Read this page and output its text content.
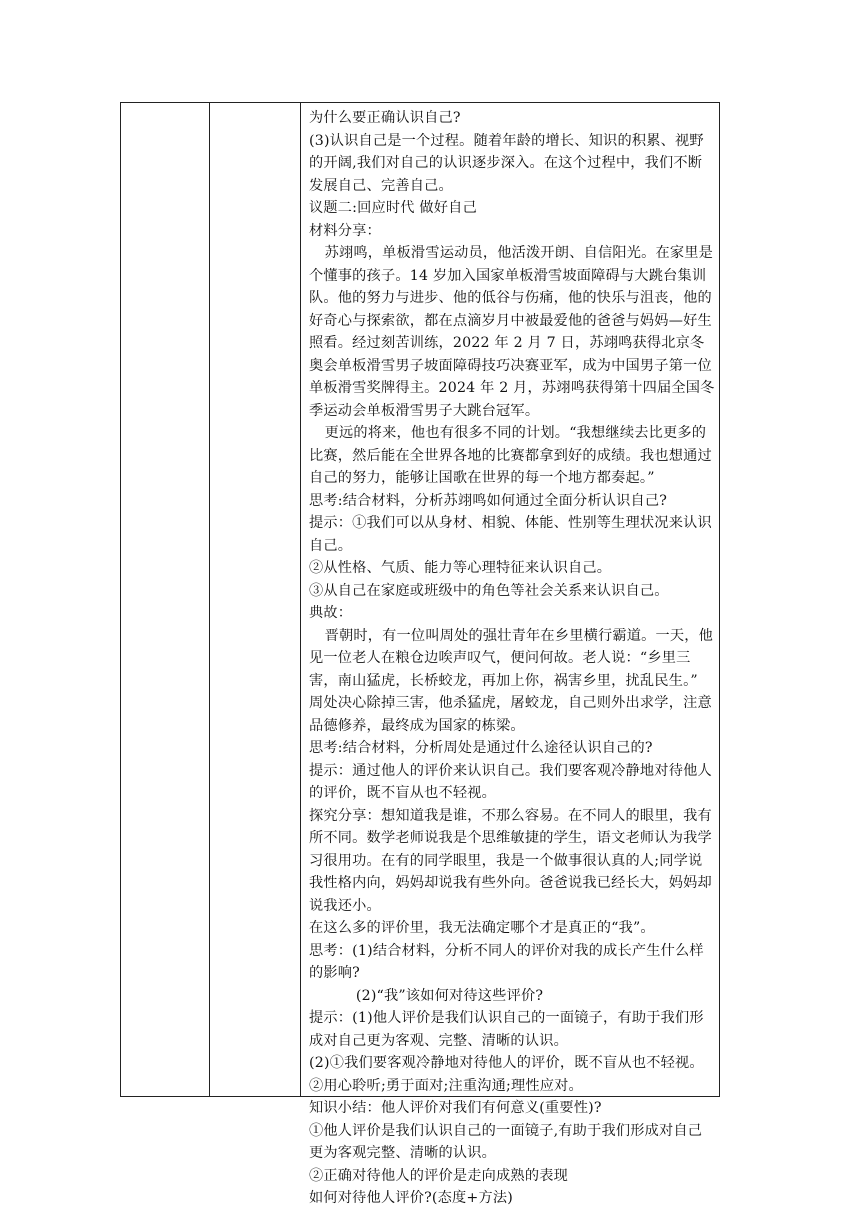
为什么要正确认识自己?

(3)认识自己是一个过程。随着年龄的增长、知识的积累、视野的开阔,我们对自己的认识逐步深入。在这个过程中，我们不断发展自己、完善自己。

议题二:回应时代 做好自己

材料分享：

苏翊鸣，单板滑雪运动员，他活泼开朗、自信阳光。在家里是个懂事的孩子。14 岁加入国家单板滑雪坡面障碍与大跳台集训队。他的努力与进步、他的低谷与伤痛，他的快乐与沮丧，他的好奇心与探索欲，都在点滴岁月中被最爱他的爸爸与妈妈—好生照看。经过刻苦训练，2022 年 2 月 7 日，苏翊鸣获得北京冬奥会单板滑雪男子坡面障碍技巧决赛亚军，成为中国男子第一位单板滑雪奖牌得主。2024 年 2 月，苏翊鸣获得第十四届全国冬季运动会单板滑雪男子大跳台冠军。

更远的将来，他也有很多不同的计划。“我想继续去比更多的比赛，然后能在全世界各地的比赛都拿到好的成绩。我也想通过自己的努力，能够让国歌在世界的每一个地方都奏起。”

思考:结合材料，分析苏翊鸣如何通过全面分析认识自己?

提示：①我们可以从身材、相貌、体能、性别等生理状况来认识自己。

②从性格、气质、能力等心理特征来认识自己。

③从自己在家庭或班级中的角色等社会关系来认识自己。

典故：

晋朝时，有一位叫周处的强壮青年在乡里横行霸道。一天，他见一位老人在粮仓边唉声叹气，便问何故。老人说：“乡里三害，南山猛虎，长桥蛟龙，再加上你，祸害乡里，扰乱民生。”

周处决心除掉三害，他杀猛虎，屠蛟龙，自己则外出求学，注意品德修养，最终成为国家的栋梁。

思考:结合材料，分析周处是通过什么途径认识自己的?

提示：通过他人的评价来认识自己。我们要客观冷静地对待他人的评价，既不盲从也不轻视。

探究分享：想知道我是谁，不那么容易。在不同人的眼里，我有所不同。数学老师说我是个思维敏捷的学生，语文老师认为我学习很用功。在有的同学眼里，我是一个做事很认真的人;同学说我性格内向，妈妈却说我有些外向。爸爸说我已经长大，妈妈却说我还小。

在这么多的评价里，我无法确定哪个才是真正的“我”。

思考：(1)结合材料，分析不同人的评价对我的成长产生什么样的影响?

(2)“我”该如何对待这些评价?

提示：(1)他人评价是我们认识自己的一面镜子，有助于我们形成对自己更为客观、完整、清晰的认识。

(2)①我们要客观冷静地对待他人的评价，既不盲从也不轻视。

②用心聆听;勇于面对;注重沟通;理性应对。

知识小结：他人评价对我们有何意义(重要性)?

①他人评价是我们认识自己的一面镜子,有助于我们形成对自己更为客观完整、清晰的认识。

②正确对待他人的评价是走向成熟的表现

如何对待他人评价?(态度+方法)
